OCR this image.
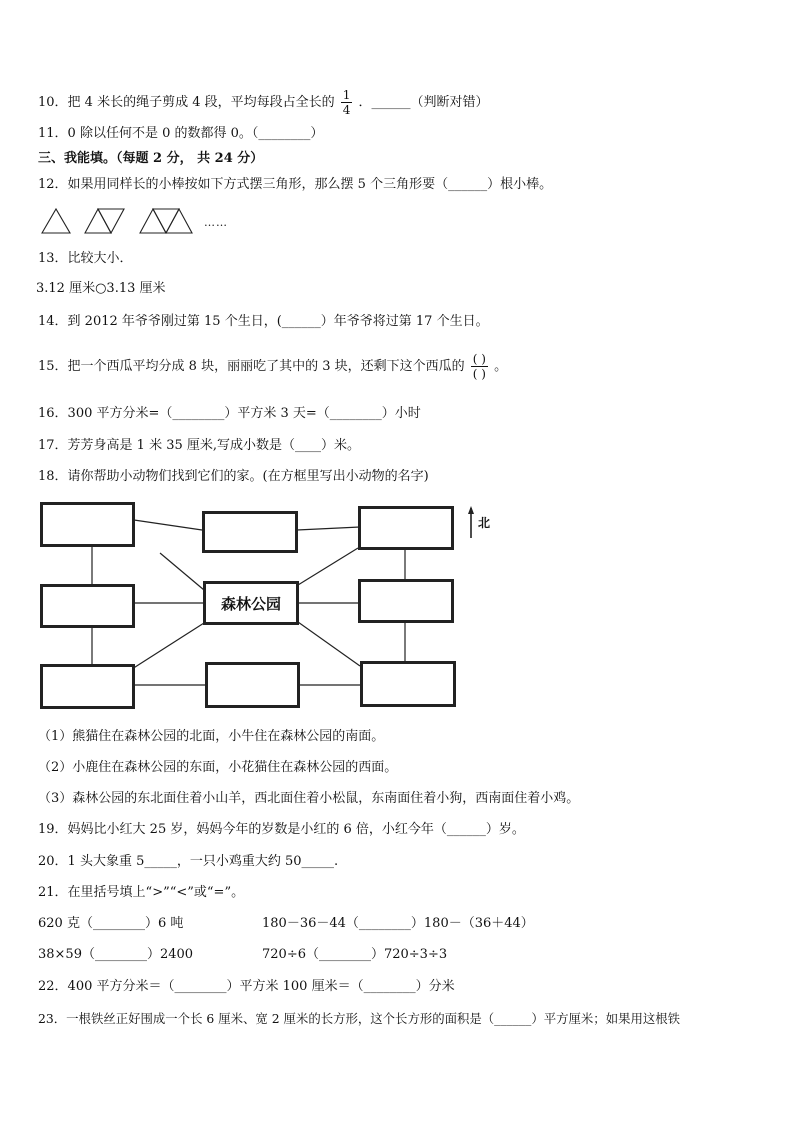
10．把 4 米长的绳子剪成 4 段，平均每段占全长的 $\frac{1}{4}$ ．______（判断对错）
11．0 除以任何不是 0 的数都得 0。（________）
三、我能填。（每题 2 分， 共 24 分）
12．如果用同样长的小棒按如下方式摆三角形，那么摆 5 个三角形要（______）根小棒。
……
13．比较大小．
3.12 厘米○3.13 厘米
14．到 2012 年爷爷刚过第 15 个生日，(______）年爷爷将过第 17 个生日。
15．把一个西瓜平均分成 8 块，丽丽吃了其中的 3 块，还剩下这个西瓜的 $\frac{( )}{( )}$ 。
16．300 平方分米=（________）平方米 3 天=（________）小时
17．芳芳身高是 1 米 35 厘米,写成小数是（____）米。
18．请你帮助小动物们找到它们的家。(在方框里写出小动物的名字)
森林公园
北
（1）熊猫住在森林公园的北面，小牛住在森林公园的南面。
（2）小鹿住在森林公园的东面，小花猫住在森林公园的西面。
（3）森林公园的东北面住着小山羊，西北面住着小松鼠，东南面住着小狗，西南面住着小鸡。
19．妈妈比小红大 25 岁，妈妈今年的岁数是小红的 6 倍，小红今年（______）岁。
20．1 头大象重 5_____，一只小鸡重大约 50_____.
21．在里括号填上“>”“<”或“=”。
620 克（________）6 吨	180－36－44（________）180－（36＋44）
38×59（________）2400	720÷6（________）720÷3÷3
22．400 平方分米＝（________）平方米 100 厘米＝（________）分米
23．一根铁丝正好围成一个长 6 厘米、宽 2 厘米的长方形，这个长方形的面积是（______）平方厘米；如果用这根铁
